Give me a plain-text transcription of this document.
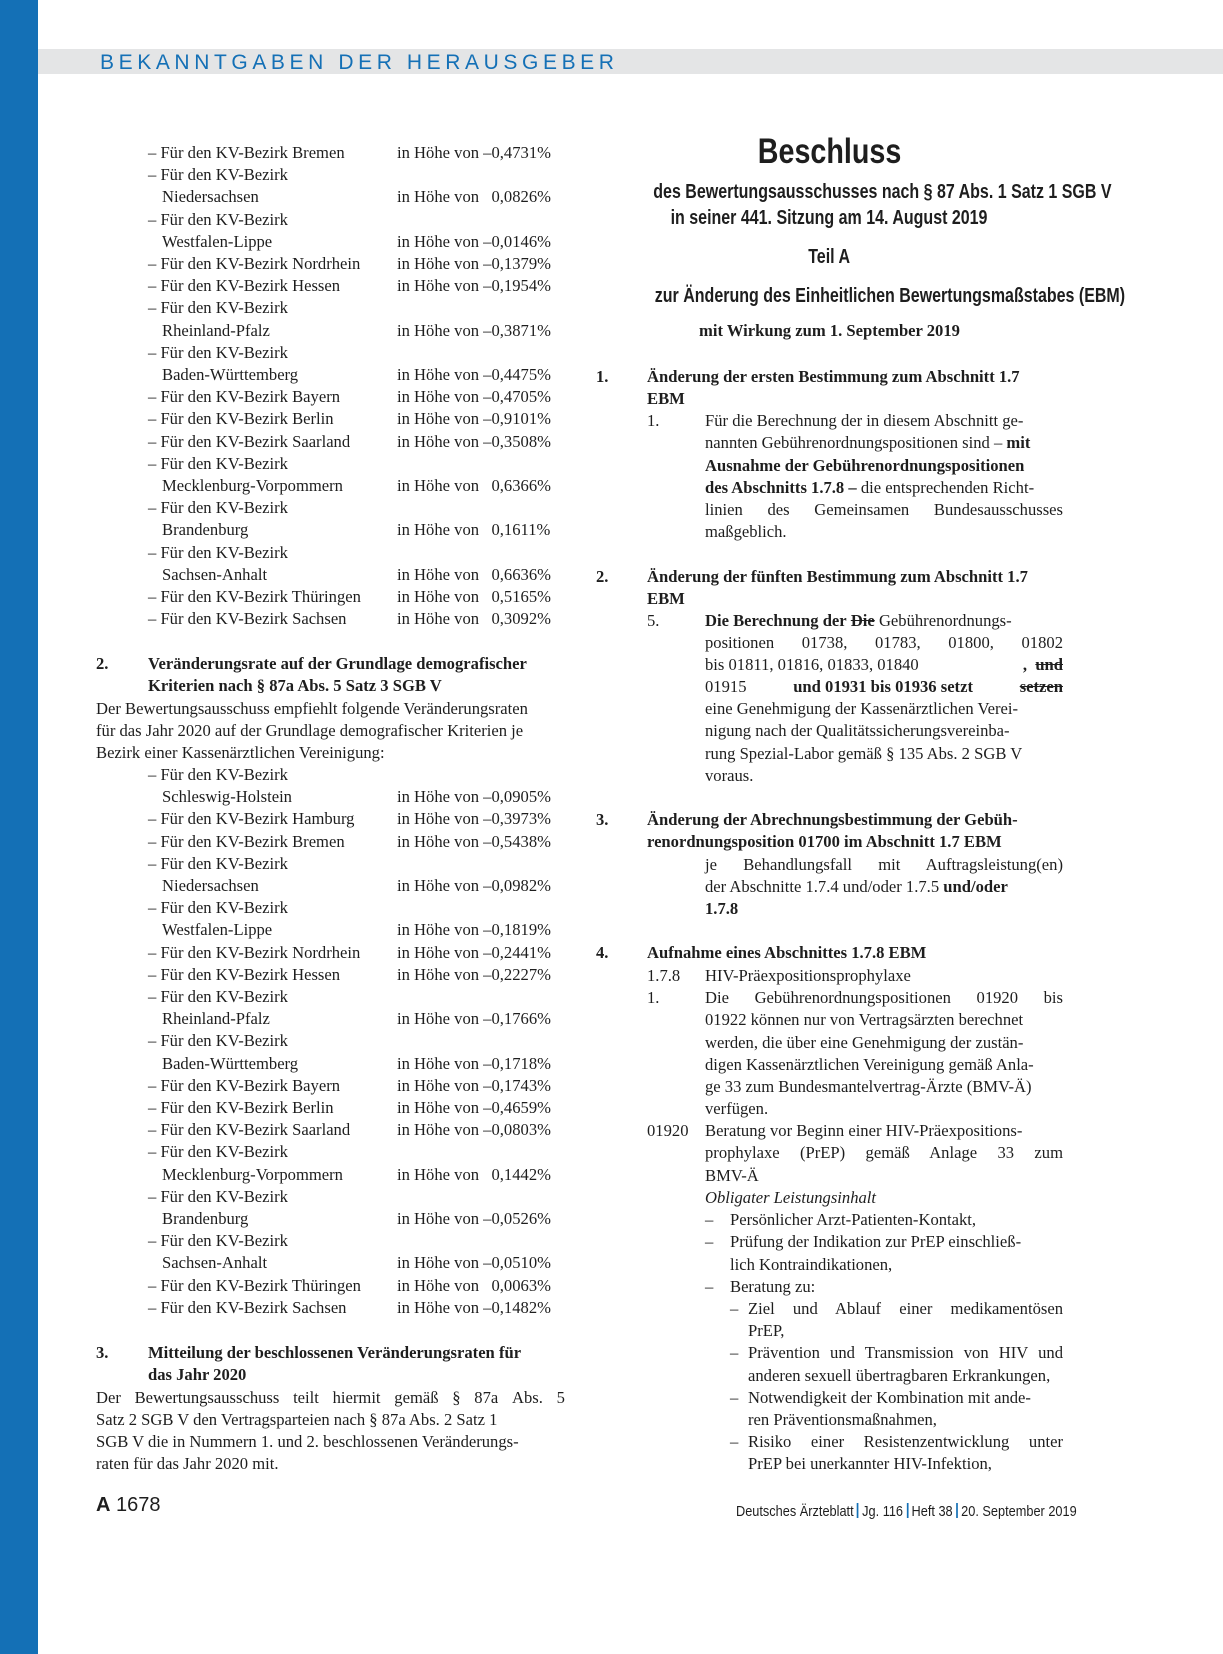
BEKANNTGABEN DER HERAUSGEBER
– Für den KV-Bezirk Bremen	in Höhe von –0,4731%
– Für den KV-Bezirk
Niedersachsen	in Höhe von   0,0826%
– Für den KV-Bezirk
Westfalen-Lippe	in Höhe von –0,0146%
– Für den KV-Bezirk Nordrhein in Höhe von –0,1379%
– Für den KV-Bezirk Hessen	in Höhe von –0,1954%
– Für den KV-Bezirk
Rheinland-Pfalz	in Höhe von –0,3871%
– Für den KV-Bezirk
Baden-Württemberg	in Höhe von –0,4475%
– Für den KV-Bezirk Bayern	in Höhe von –0,4705%
– Für den KV-Bezirk Berlin	in Höhe von –0,9101%
– Für den KV-Bezirk Saarland	in Höhe von –0,3508%
– Für den KV-Bezirk
Mecklenburg-Vorpommern	in Höhe von   0,6366%
– Für den KV-Bezirk
Brandenburg	in Höhe von   0,1611%
– Für den KV-Bezirk
Sachsen-Anhalt	in Höhe von   0,6636%
– Für den KV-Bezirk Thüringen in Höhe von   0,5165%
– Für den KV-Bezirk Sachsen	in Höhe von   0,3092%
2. Veränderungsrate auf der Grundlage demografischer
Kriterien nach § 87a Abs. 5 Satz 3 SGB V
Der Bewertungsausschuss empfiehlt folgende Veränderungsraten
für das Jahr 2020 auf der Grundlage demografischer Kriterien je
Bezirk einer Kassenärztlichen Vereinigung:
– Für den KV-Bezirk
Schleswig-Holstein	in Höhe von –0,0905%
– Für den KV-Bezirk Hamburg	in Höhe von –0,3973%
– Für den KV-Bezirk Bremen	in Höhe von –0,5438%
– Für den KV-Bezirk
Niedersachsen	in Höhe von –0,0982%
– Für den KV-Bezirk
Westfalen-Lippe	in Höhe von –0,1819%
– Für den KV-Bezirk Nordrhein in Höhe von –0,2441%
– Für den KV-Bezirk Hessen	in Höhe von –0,2227%
– Für den KV-Bezirk
Rheinland-Pfalz	in Höhe von –0,1766%
– Für den KV-Bezirk
Baden-Württemberg	in Höhe von –0,1718%
– Für den KV-Bezirk Bayern	in Höhe von –0,1743%
– Für den KV-Bezirk Berlin	in Höhe von –0,4659%
– Für den KV-Bezirk Saarland	in Höhe von –0,0803%
– Für den KV-Bezirk
Mecklenburg-Vorpommern	in Höhe von   0,1442%
– Für den KV-Bezirk
Brandenburg	in Höhe von –0,0526%
– Für den KV-Bezirk
Sachsen-Anhalt	in Höhe von –0,0510%
– Für den KV-Bezirk Thüringen in Höhe von   0,0063%
– Für den KV-Bezirk Sachsen	in Höhe von –0,1482%
3. Mitteilung der beschlossenen Veränderungsraten für
das Jahr 2020
Der Bewertungsausschuss teilt hiermit gemäß § 87a Abs. 5
Satz 2 SGB V den Vertragsparteien nach § 87a Abs. 2 Satz 1
SGB V die in Nummern 1. und 2. beschlossenen Veränderungs-
raten für das Jahr 2020 mit.
Beschluss
des Bewertungsausschusses nach § 87 Abs. 1 Satz 1 SGB V
in seiner 441. Sitzung am 14. August 2019
Teil A
zur Änderung des Einheitlichen Bewertungsmaßstabes (EBM)
mit Wirkung zum 1. September 2019
1. Änderung der ersten Bestimmung zum Abschnitt 1.7
EBM
1.	Für die Berechnung der in diesem Abschnitt ge-
nannten Gebührenordnungspositionen sind – mit
Ausnahme der Gebührenordnungspositionen
des Abschnitts 1.7.8 – die entsprechenden Richt-
linien des Gemeinsamen Bundesausschusses
maßgeblich.
2. Änderung der fünften Bestimmung zum Abschnitt 1.7
EBM
5.	Die Berechnung der Die Gebührenordnungs-
positionen 01738, 01783, 01800, 01802
bis 01811, 01816, 01833, 01840	, und
01915	und 01931 bis 01936 setzt	setzen
eine Genehmigung der Kassenärztlichen Verei-
nigung nach der Qualitätssicherungsvereinba-
rung Spezial-Labor gemäß § 135 Abs. 2 SGB V
voraus.
3. Änderung der Abrechnungsbestimmung der Gebüh-
renordnungsposition 01700 im Abschnitt 1.7 EBM
je Behandlungsfall mit Auftragsleistung(en)
der Abschnitte 1.7.4 und/oder 1.7.5 und/oder
1.7.8
4. Aufnahme eines Abschnittes 1.7.8 EBM
1.7.8 HIV-Präexpositionsprophylaxe
1.	Die Gebührenordnungspositionen 01920 bis
01922 können nur von Vertragsärzten berechnet
werden, die über eine Genehmigung der zustän-
digen Kassenärztlichen Vereinigung gemäß Anla-
ge 33 zum Bundesmantelvertrag-Ärzte (BMV-Ä)
verfügen.
01920 Beratung vor Beginn einer HIV-Präexpositions-
prophylaxe (PrEP) gemäß Anlage 33 zum
BMV-Ä
Obligater Leistungsinhalt
– Persönlicher Arzt-Patienten-Kontakt,
– Prüfung der Indikation zur PrEP einschließ-
lich Kontraindikationen,
– Beratung zu:
– Ziel und Ablauf einer medikamentösen
PrEP,
– Prävention und Transmission von HIV und
anderen sexuell übertragbaren Erkrankungen,
– Notwendigkeit der Kombination mit ande-
ren Präventionsmaßnahmen,
– Risiko einer Resistenzentwicklung unter
PrEP bei unerkannter HIV-Infektion,
A 1678	Deutsches Ärzteblatt Jg. 116 Heft 38 20. September 2019
